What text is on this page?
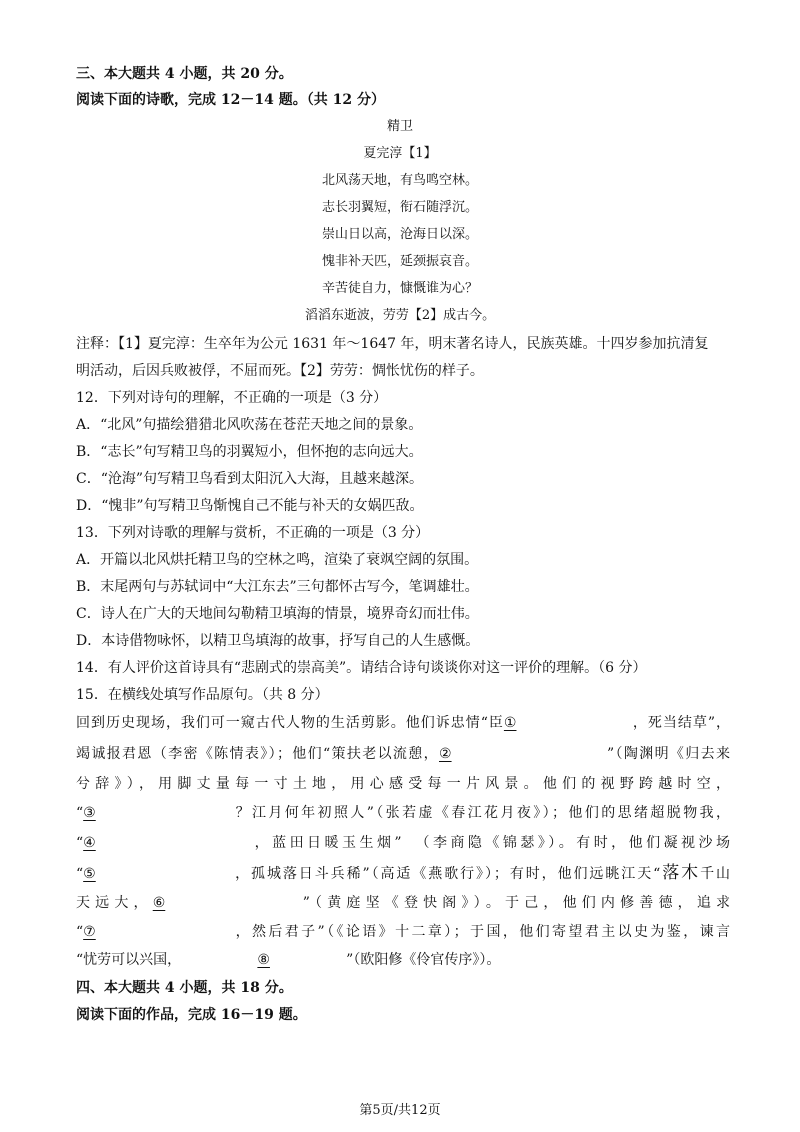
三、本大题共 4 小题，共 20 分。
阅读下面的诗歌，完成 12－14 题。（共 12 分）
精卫
夏完淳【1】
北风荡天地，有鸟鸣空林。
志长羽翼短，衔石随浮沉。
崇山日以高，沧海日以深。
愧非补天匹，延颈振哀音。
辛苦徒自力，慷慨谁为心？
滔滔东逝波，劳劳【2】成古今。
注释：【1】夏完淳：生卒年为公元 1631 年～1647 年，明末著名诗人，民族英雄。十四岁参加抗清复
明活动，后因兵败被俘，不屈而死。【2】劳劳：惆怅忧伤的样子。
12．下列对诗句的理解，不正确的一项是（3 分）
A．“北风”句描绘猎猎北风吹荡在苍茫天地之间的景象。
B．“志长”句写精卫鸟的羽翼短小，但怀抱的志向远大。
C．“沧海”句写精卫鸟看到太阳沉入大海，且越来越深。
D．“愧非”句写精卫鸟惭愧自己不能与补天的女娲匹敌。
13．下列对诗歌的理解与赏析，不正确的一项是（3 分）
A．开篇以北风烘托精卫鸟的空林之鸣，渲染了衰飒空阔的氛围。
B．末尾两句与苏轼词中“大江东去”三句都怀古写今，笔调雄壮。
C．诗人在广大的天地间勾勒精卫填海的情景，境界奇幻而壮伟。
D．本诗借物咏怀，以精卫鸟填海的故事，抒写自己的人生感慨。
14．有人评价这首诗具有“悲剧式的崇高美”。请结合诗句谈谈你对这一评价的理解。（6 分）
15．在横线处填写作品原句。（共 8 分）
回到历史现场，我们可一窥古代人物的生活剪影。他们诉忠情“臣①	，死当结草”，
竭诚报君恩（李密《陈情表》）；他们“策扶老以流憩，②	”（陶渊明《归去来
兮辞》），用脚丈量每一寸土地，用心感受每一片风景。他们的视野跨越时空，
“③	？江月何年初照人”（张若虚《春江花月夜》）；他们的思绪超脱物我，
“④	，蓝田日暖玉生烟”　（李商隐《锦瑟》）。有时，他们凝视沙场
“⑤	，孤城落日斗兵稀”（高适《燕歌行》）；有时，他们远眺江天“落木千山
天远大，⑥	”（黄庭坚《登快阁》）。于己，他们内修善德，追求
“⑦	，然后君子”（《论语》十二章）；于国，他们寄望君主以史为鉴，谏言
“忧劳可以兴国，	⑧	”（欧阳修《伶官传序》）。
四、本大题共 4 小题，共 18 分。
阅读下面的作品，完成 16－19 题。
第5页/共12页
